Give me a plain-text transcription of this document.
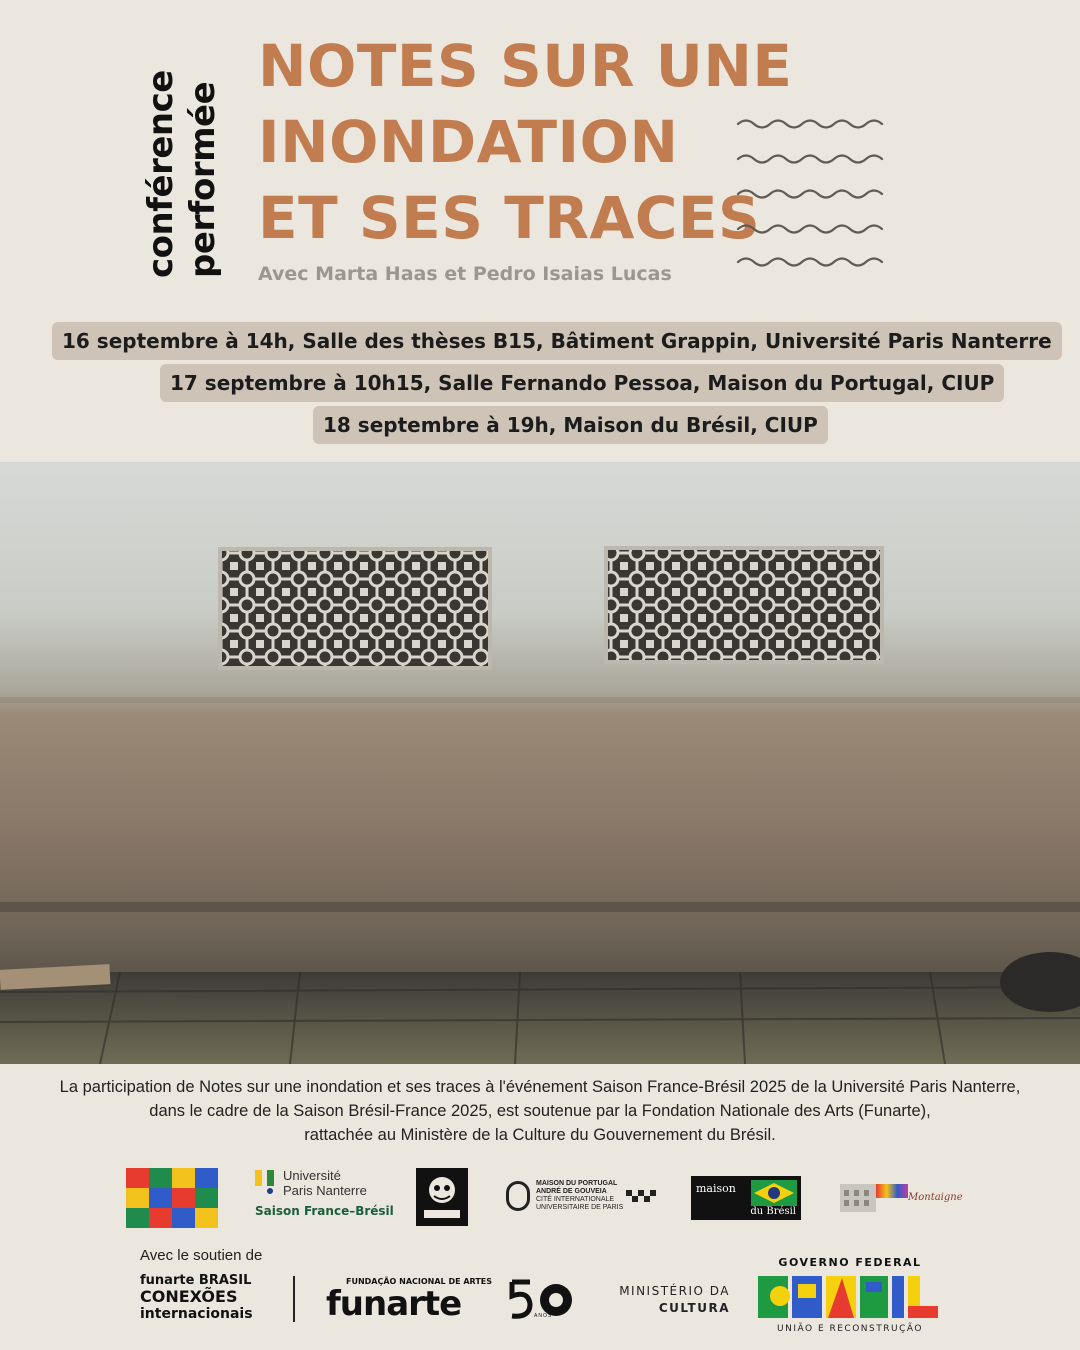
conférence performée
NOTES SUR UNE
INONDATION
ET SES TRACES
Avec Marta Haas et Pedro Isaias Lucas
16 septembre à 14h, Salle des thèses B15, Bâtiment Grappin, Université Paris Nanterre
17 septembre à 10h15, Salle Fernando Pessoa, Maison du Portugal, CIUP
18 septembre à 19h, Maison du Brésil, CIUP
La participation de Notes sur une inondation et ses traces à l'événement Saison France-Brésil 2025 de la Université Paris Nanterre,
dans le cadre de la Saison Brésil-France 2025, est soutenue par la Fondation Nationale des Arts (Funarte),
rattachée au Ministère de la Culture du Gouvernement du Brésil.
Université
Paris Nanterre
Saison France–Brésil
MAISON DU PORTUGAL
ANDRÉ DE GOUVEIA
CITÉ INTERNATIONALE
UNIVERSITAIRE DE PARIS
maison
du Brésil
Montaigne
Avec le soutien de
funarte BRASIL
CONEXÕES
internacionais
FUNDAÇÃO NACIONAL DE ARTES
funarte	ANOS
MINISTÉRIO DA
CULTURA
GOVERNO FEDERAL
UNIÃO E RECONSTRUÇÃO
